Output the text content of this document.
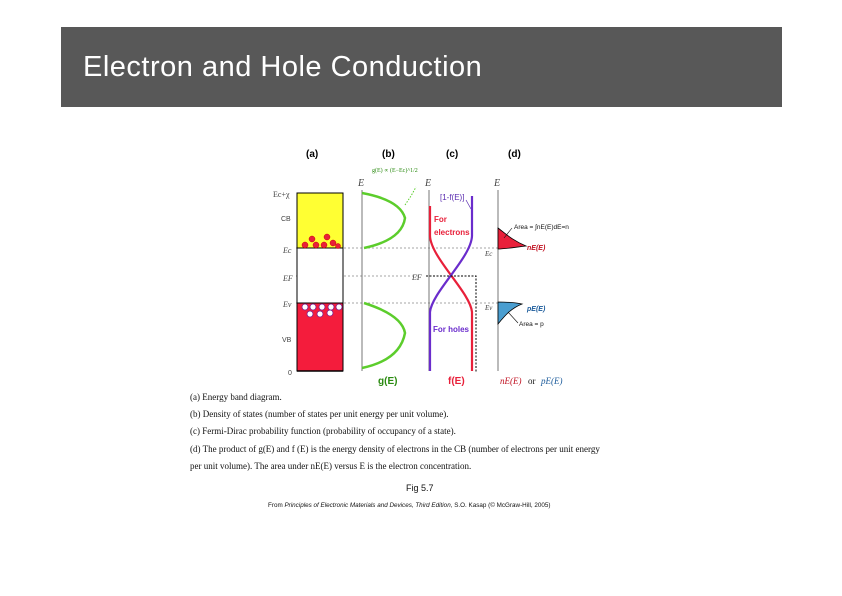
Electron and Hole Conduction
(a)	(b)	(c)	(d)
Ec+χ
CB
Ec
EF
Ev
VB
0
E
g(E) ∝ (E−Ec)^1/2
g(E)
E
[1-f(E)]
For
electrons
For holes
EF
f(E)
E
Area = ∫nE(E)dE=n
nE(E)
pE(E)
Area = p
Ec
Ev
nE(E) or pE(E)
(a) Energy band diagram.
(b) Density of states (number of states per unit energy per unit volume).
(c) Fermi-Dirac probability function (probability of occupancy of a state).
(d) The product of g(E) and f (E) is the energy density of electrons in the CB (number of electrons per unit energy
per unit volume). The area under nE(E) versus E is the electron concentration.
Fig 5.7
From Principles of Electronic Materials and Devices, Third Edition, S.O. Kasap (© McGraw-Hill, 2005)
